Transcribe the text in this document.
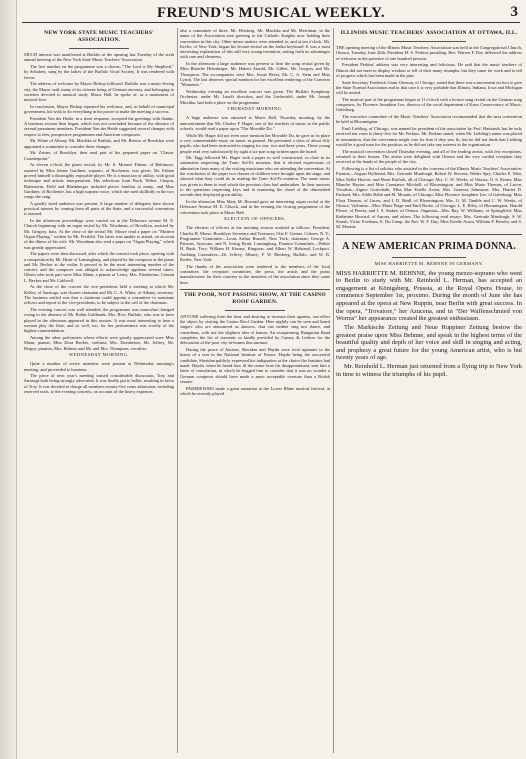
FREUND'S MUSICAL WEEKLY.	3
NEW YORK STATE MUSIC TEACHERS' ASSOCIATION.

MUCH interest was manifested at Buffalo at the opening last Tuesday of the sixth annual meeting of the New York State Music Teachers' Association.

The first number on the programme was a chorus, "The Lord is My Shepherd," by Schubert, sung by the ladies of the Buffalo Vocal Society. It was rendered with fervor.

The address of welcome by Mayor Bishop followed. Buffalo was a music-loving city, the Mayor said, many of its citizens being of German ancestry, and belonging to societies devoted to musical study. Music Hall, he spoke of, as a monument of musical love.

In conclusion, Mayor Bishop repeated his welcome, and, in behalf of municipal government, his wish to do everything in his power to make the meeting a success.

President Von der Heide, in a short response, accepted the greetings with thanks. A business session then began, which was not concluded because of the absence of several prominent members. President Von der Heide suggested several changes with respect to fees, prospective programmes and American composers.

Mr. White of Albany, Mr. Mischka of Buffalo, and Mr. Brewer of Brooklyn were appointed a committee to consider these changes.

Mr. Zeiner, of Brooklyn, then read part of his prepared paper on "Classic Counterpoint."

At eleven o'clock the piano recital, by Mr. S. Monroe Fabian, of Baltimore, assisted by Miss Jennie Gardiner, soprano, of Rochester, was given. Mr. Fabian proved himself a thoroughly enjoyable player. He is a musician of ability, with good technique and artistic interpretation. His selections from Bach, Weber, Chopin, Rubinstein, Field and Rheinberger included pieces familiar to many; and Miss Gardiner, of Rochester, has a high soprano voice, which she used skillfully in the two songs she sang.

A goodly sized audience was present. A large number of delegates have shown practical interest by coming from all parts of the State, and a successful convention is assured.

In the afternoon proceedings were carried on in the Delaware avenue M. E. Church beginning with an organ recital by Mr. Woodman, of Brooklyn, assisted by Mr. Gregory, bass. At the close of the recital Mr. Moore read a paper on "Modern Organ Playing," written by Mr. Pretfeld. The latter was unable to attend, on account of the illness of his wife. Mr. Woodman also read a paper on "Organ Playing," which was greatly appreciated.

The papers were then discussed, after which the concert took place, opening with a composition by Mr. Hyatt of Lansingburg, and played by the composer at the piano and Mr. Becker at the violin. It proved to be the most interesting number of the concert, and the composer was obliged to acknowledge applause several times. Others who took part were Miss Mann, a pianist of Leroy, Mrs. Eitenheiser, Conrad L. Becker and Mr. Caldwell.

At the close of the concert the vice-presidents held a meeting at which Mr. Kelley, of Saratoga, was chosen chairman and Mr. C. A. White, of Albany, secretary. The business settled was that a chairman could appoint a committee to nominate officers and report to the vice-presidents, to be subject to the call of the chairman.

The evening concert was well attended, the programme was somewhat changed owing to the absence of Mr. Robin Goldmark. Mrs. Rice, Buffalo, who was to have played in the afternoon appeared in this session. It was most interesting to hear a woman play the flute, and so well, too, for her performance was worthy of the highest commendation.

Among the other performers whose efforts were greatly appreciated were Miss Mann, pianist; Miss Dora Becker, violinist; Mrs. Eitenheiser, Mr. Jeffrey, Mr. Bergey, pianists; Mrs. Holmes and Mr. and Mrs. Thompson, vocalists.

WEDNESDAY MORNING.

Quite a number of active members were present at Wednesday morning's meeting, and proceeded to business.

The piece of next year's meeting caused considerable discussion, Troy and Saratoga both being strongly advocated. It was finally put to ballot, resulting in favor of Troy. It was decided to charge all members twenty-five cents admission, including reserved seats, to the evening concerts, on account of the heavy expenses;

also a committee of three, Mr. Heisberg, Mr. Mischka and Mr. Merriman, in the name of the Association sent greeting to the Catholic Knights now holding their convention in this city. Other minor matters were attended to, and at ten o'clock, Mr. Kreler, of New York, began his lecture-recital on the Janko keyboard. It was a most interesting explanation of this still very young invention, setting forth its advantages with care and clearness.

In the afternoon a large audience was present to hear the song recital given by Miss Blanche Heimberger, Mr. Hubert Arnold, Mr. Gillett, Mr. Gregory and Mr. Thompson. The accompanists were Mrs. Jessie Bever, Mr. C. A. Stein and Miss Lynch. The last deserves special mention for her excellent rendering of the Concerto "Momento."

Wednesday evening an excellent concert was given. The Buffalo Symphony Orchestra, under Mr. Lund's direction, and the Liedertafel, under Mr. Joseph Mischka, had both a place on the programme.

THURSDAY MORNING.

A large audience was attracted to Music Hall, Thursday morning, by the announcement that Mr. Charles F. Hager, one of the teachers of music in the public schools, would read a paper upon "The Movable Do."

While Mr. Hager did not even once mention the Movable Do, he gave in its place a very commendable essay on music in general. He presented a class of about fifty pupils, who had been instructed in singing for one, two and three years. These young people read very satisfactorily by sight a six-part song written upon the board.

Mr. Tagg followed Mr. Hager with a paper so well constructed, so clear in its statements respecting the Tonic Sol-Fa notation, that it elicited expressions of admiration from many of the visiting musicians who are attending the convention. At the conclusion of the paper two classes of children were brought upon the stage, and showed what they could do in reading the Tonic Sol-Fa notation. The same music was given to them to read which the previous class had undertaken. In their answers to the questions respecting keys and in mastering the chord of the diminished seventh they displayed great ability.

In the afternoon Miss Mary M. Howard gave an interesting organ recital at the Delaware Avenue M. E. Church, and in the evening the closing programme of the convention took place at Music Hall.

ELECTION OF OFFICERS.

The election of officers at the morning session resulted as follows: President, Charles H. Morse, Brooklyn; Secretary and Treasurer, Otto F. Greene, Cohoes, N. Y.; Programme Committee—Louis Arthur Russell, New York, chairman; George A. Parsons, Syracuse, and N. Irving Hyatt, Lansingburg. Finance Committee—Walter H. Bush, Troy; William H. Kinney, Kingston, and Albert W. Halstead, Lockport. Auditing Committee—Dr. Jeffrey, Albany; F. W. Riesberg, Buffalo, and W. B. Keeler, New York.

The thanks of the association were tendered to the members of the local committee, the reception committee, the press, the artists and the piano manufacturers for their courtesy to the members of the association since they came here.

THE POOR, NOT PASSING SHOW, AT THE CASINO ROOF GARDEN.

ANYONE suffering from the heat, and desiring to increase their agonies, can effect the object by visiting the Casino Roof Garden. Here nightly can be seen and heard singers who are announced as dancers, that can neither sing nor dance, and comedians, with not the slightest idea of humor. An exasperating Hungarian Band completes the list of torments so kindly provided by Canary & Lederer for the delectation of the poor city-at-homes this summer.

During the peace of Amiens, Sheridan and Haydn were rival aspirants to the honor of a seat in the National Institute of France. Haydn being the successful candidate, Sheridan publicly expressed his indignation at the choice the Institute had made. Haydn, when he heard how ill the orator bore his disappointment, sent him a letter of consolation, in which he begged him to consider that it was no wonder a German composer should have made a more acceptable overture than a British senator.

PADEREWSKI made a great sensation at the Lower Rhine musical festival, at which he recently played.

ILLINOIS MUSIC TEACHERS' ASSOCIATION AT OTTAWA, ILL.

THE opening meeting of the Illinois Music Teachers' Association was held at the Congregational Church, Ottawa, Tuesday, June 26th, President H. S. Perkins presiding. Rev. Warren F. Day delivered the address of welcome in the presence of one hundred persons.

President Perkins' address was very interesting and felicitous. He said that the music teachers of Illinois did not meet to display wisdom or tell of their many triumphs, but they came for work and to tell of progress which has been made in the past.

State Secretary Frederick Grant Gleason, of Chicago, stated that there was a movement on foot to give the State Normal Association and in that case it is very probable that Illinois, Indiana, Iowa and Michigan will be united.

The musical part of the programme began at 11 o'clock with a lecture song recital on the German song composers, by Florence Josephine Lee, director of the vocal department of Knox Conservatory of Music, Galesburg.

The executive committee of the Music Teachers' Association recommended that the next convention be held at Bloomington.

Emil Liebling, of Chicago, was named for president of the association by Prof. Hatstaedt, but he only received ten votes to thirty-five for Mr. Perkins. Mr. Perkins stated, when Mr. Liebling's name was placed in nomination, that the convention might vote for him if they saw fit, but he did not think that Liebling would be a good man for the position, as he did not take any interest in the organization.

The musical convention closed Thursday evening, and all of the leading artists, with few exceptions, returned to their homes. The artists were delighted with Ottawa and the very cordial reception they received at the hands of the people of the city.

Following is a list of soloists who assisted in the concerts of the Illinois Music Teachers' Association: Pianists—August Hyllested, Mrs. Gertrude Murdough, Robert W. Stevens, Walter Spry, Charles E. Watt, Miss Nellie Hoover, and Henri Ruifrok, all of Chicago; Mrs. C. W. Weeks, of Ottawa, O. S. Kimer, Miss Blanche Haytor, and Miss Constance Mitchell, of Bloomington, and Miss Marie Thomas, of Lacon. Vocalists—Signor Gottschalk, Miss Mae Estelle Acton, Mrs. Genevra Johnstone, Mrs. Harriet D. Packard, Mrs. Addie Robb and M. Mounts, of Chicago; Miss Florence Josephine Lee, of Galesburg; Miss Flora Thomas, of Lacon, and J. D. Beall, of Bloomington; Mrs. G. M. Tamble and C. W. Weeks, of Ottawa. Violinists—Miss Marie Paige and Emil Becke, of Chicago; L. E. Riley, of Bloomington; Harold Plowe, of Peoria, and J. S. Stakes, of Ottawa. Organists—Mrs. Ray, W. Williams, of Springfield; Miss Katherine Howard, of Aurora, and others. The following read essays: Mrs. Gertrude Murdough, S. W. Straub, Victor Everham, E. Du Camp, the Rev. W. F. Day, Miss Estelle Acton, William P. Beesley and S. M. Mounts.

A NEW AMERICAN PRIMA DONNA.
MISS HARRIETTE M. BEHNNE IN GERMANY.

MISS HARRIETTE M. BEHNNE, the young mezzo-soprano who went to Berlin to study with Mr. Reinhold L. Herman, has accepted an engagement at Königsberg, Prussia, at the Royal Opera House, to commence September 1st, proximo. During the month of June she has appeared at the opera at New Ruppin, near Berlin with great success. In the opera, "Trovatore," her Azucena, and in "Der Waffenschmied von Worms" her appearance created the greatest enthusiasm.

The Markische Zeitung and Neue Ruppiner Zeitung bestow the greatest praise upon Miss Behnne, and speak in the highest terms of the beautiful quality and depth of her voice and skill in singing and acting, and prophesy a great future for the young American artist, who is but twenty years of age.

Mr. Reinhold L. Herman just returned from a flying trip to New York in time to witness the triumphs of his pupil.
